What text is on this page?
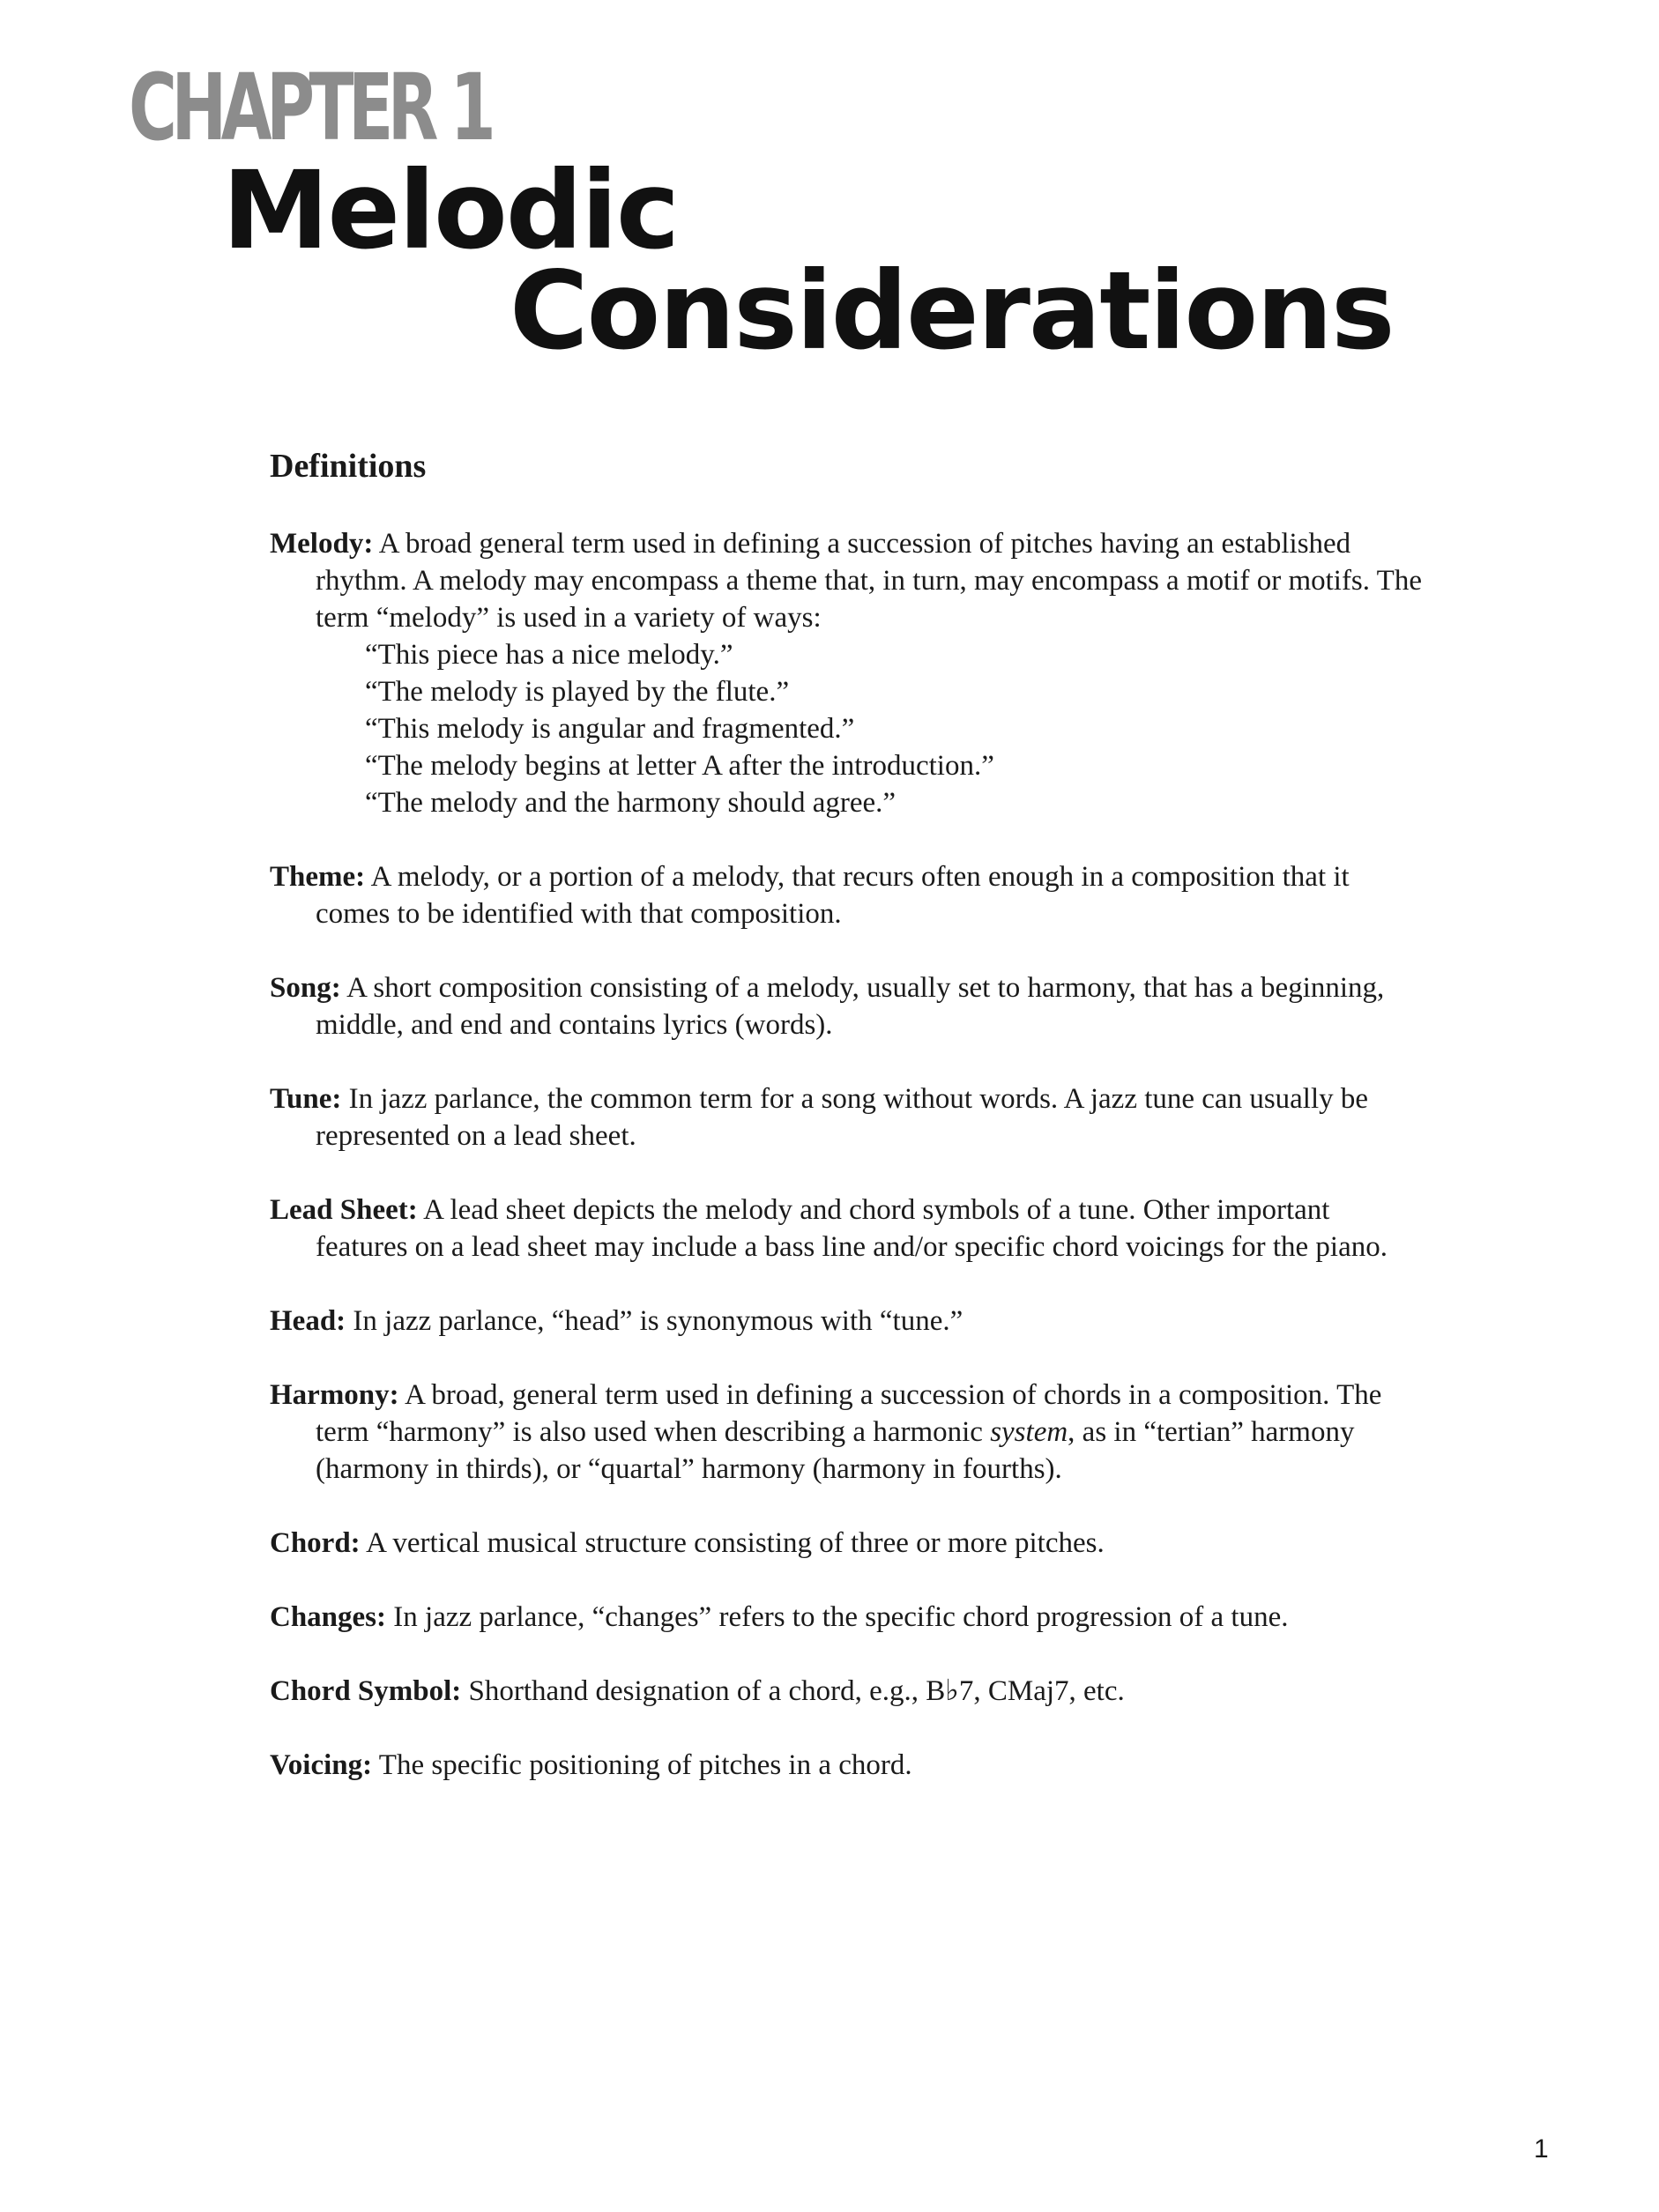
CHAPTER 1
Melodic
Considerations
Definitions

Melody: A broad general term used in defining a succession of pitches having an established rhythm. A melody may encompass a theme that, in turn, may encompass a motif or motifs. The term “melody” is used in a variety of ways:
“This piece has a nice melody.”
“The melody is played by the flute.”
“This melody is angular and fragmented.”
“The melody begins at letter A after the introduction.”
“The melody and the harmony should agree.”

Theme: A melody, or a portion of a melody, that recurs often enough in a composition that it comes to be identified with that composition.

Song: A short composition consisting of a melody, usually set to harmony, that has a beginning, middle, and end and contains lyrics (words).

Tune: In jazz parlance, the common term for a song without words. A jazz tune can usually be represented on a lead sheet.

Lead Sheet: A lead sheet depicts the melody and chord symbols of a tune. Other important features on a lead sheet may include a bass line and/or specific chord voicings for the piano.

Head: In jazz parlance, “head” is synonymous with “tune.”

Harmony: A broad, general term used in defining a succession of chords in a composition. The term “harmony” is also used when describing a harmonic system, as in “tertian” harmony (harmony in thirds), or “quartal” harmony (harmony in fourths).

Chord: A vertical musical structure consisting of three or more pitches.

Changes: In jazz parlance, “changes” refers to the specific chord progression of a tune.

Chord Symbol: Shorthand designation of a chord, e.g., B♭7, CMaj7, etc.

Voicing: The specific positioning of pitches in a chord.

1
